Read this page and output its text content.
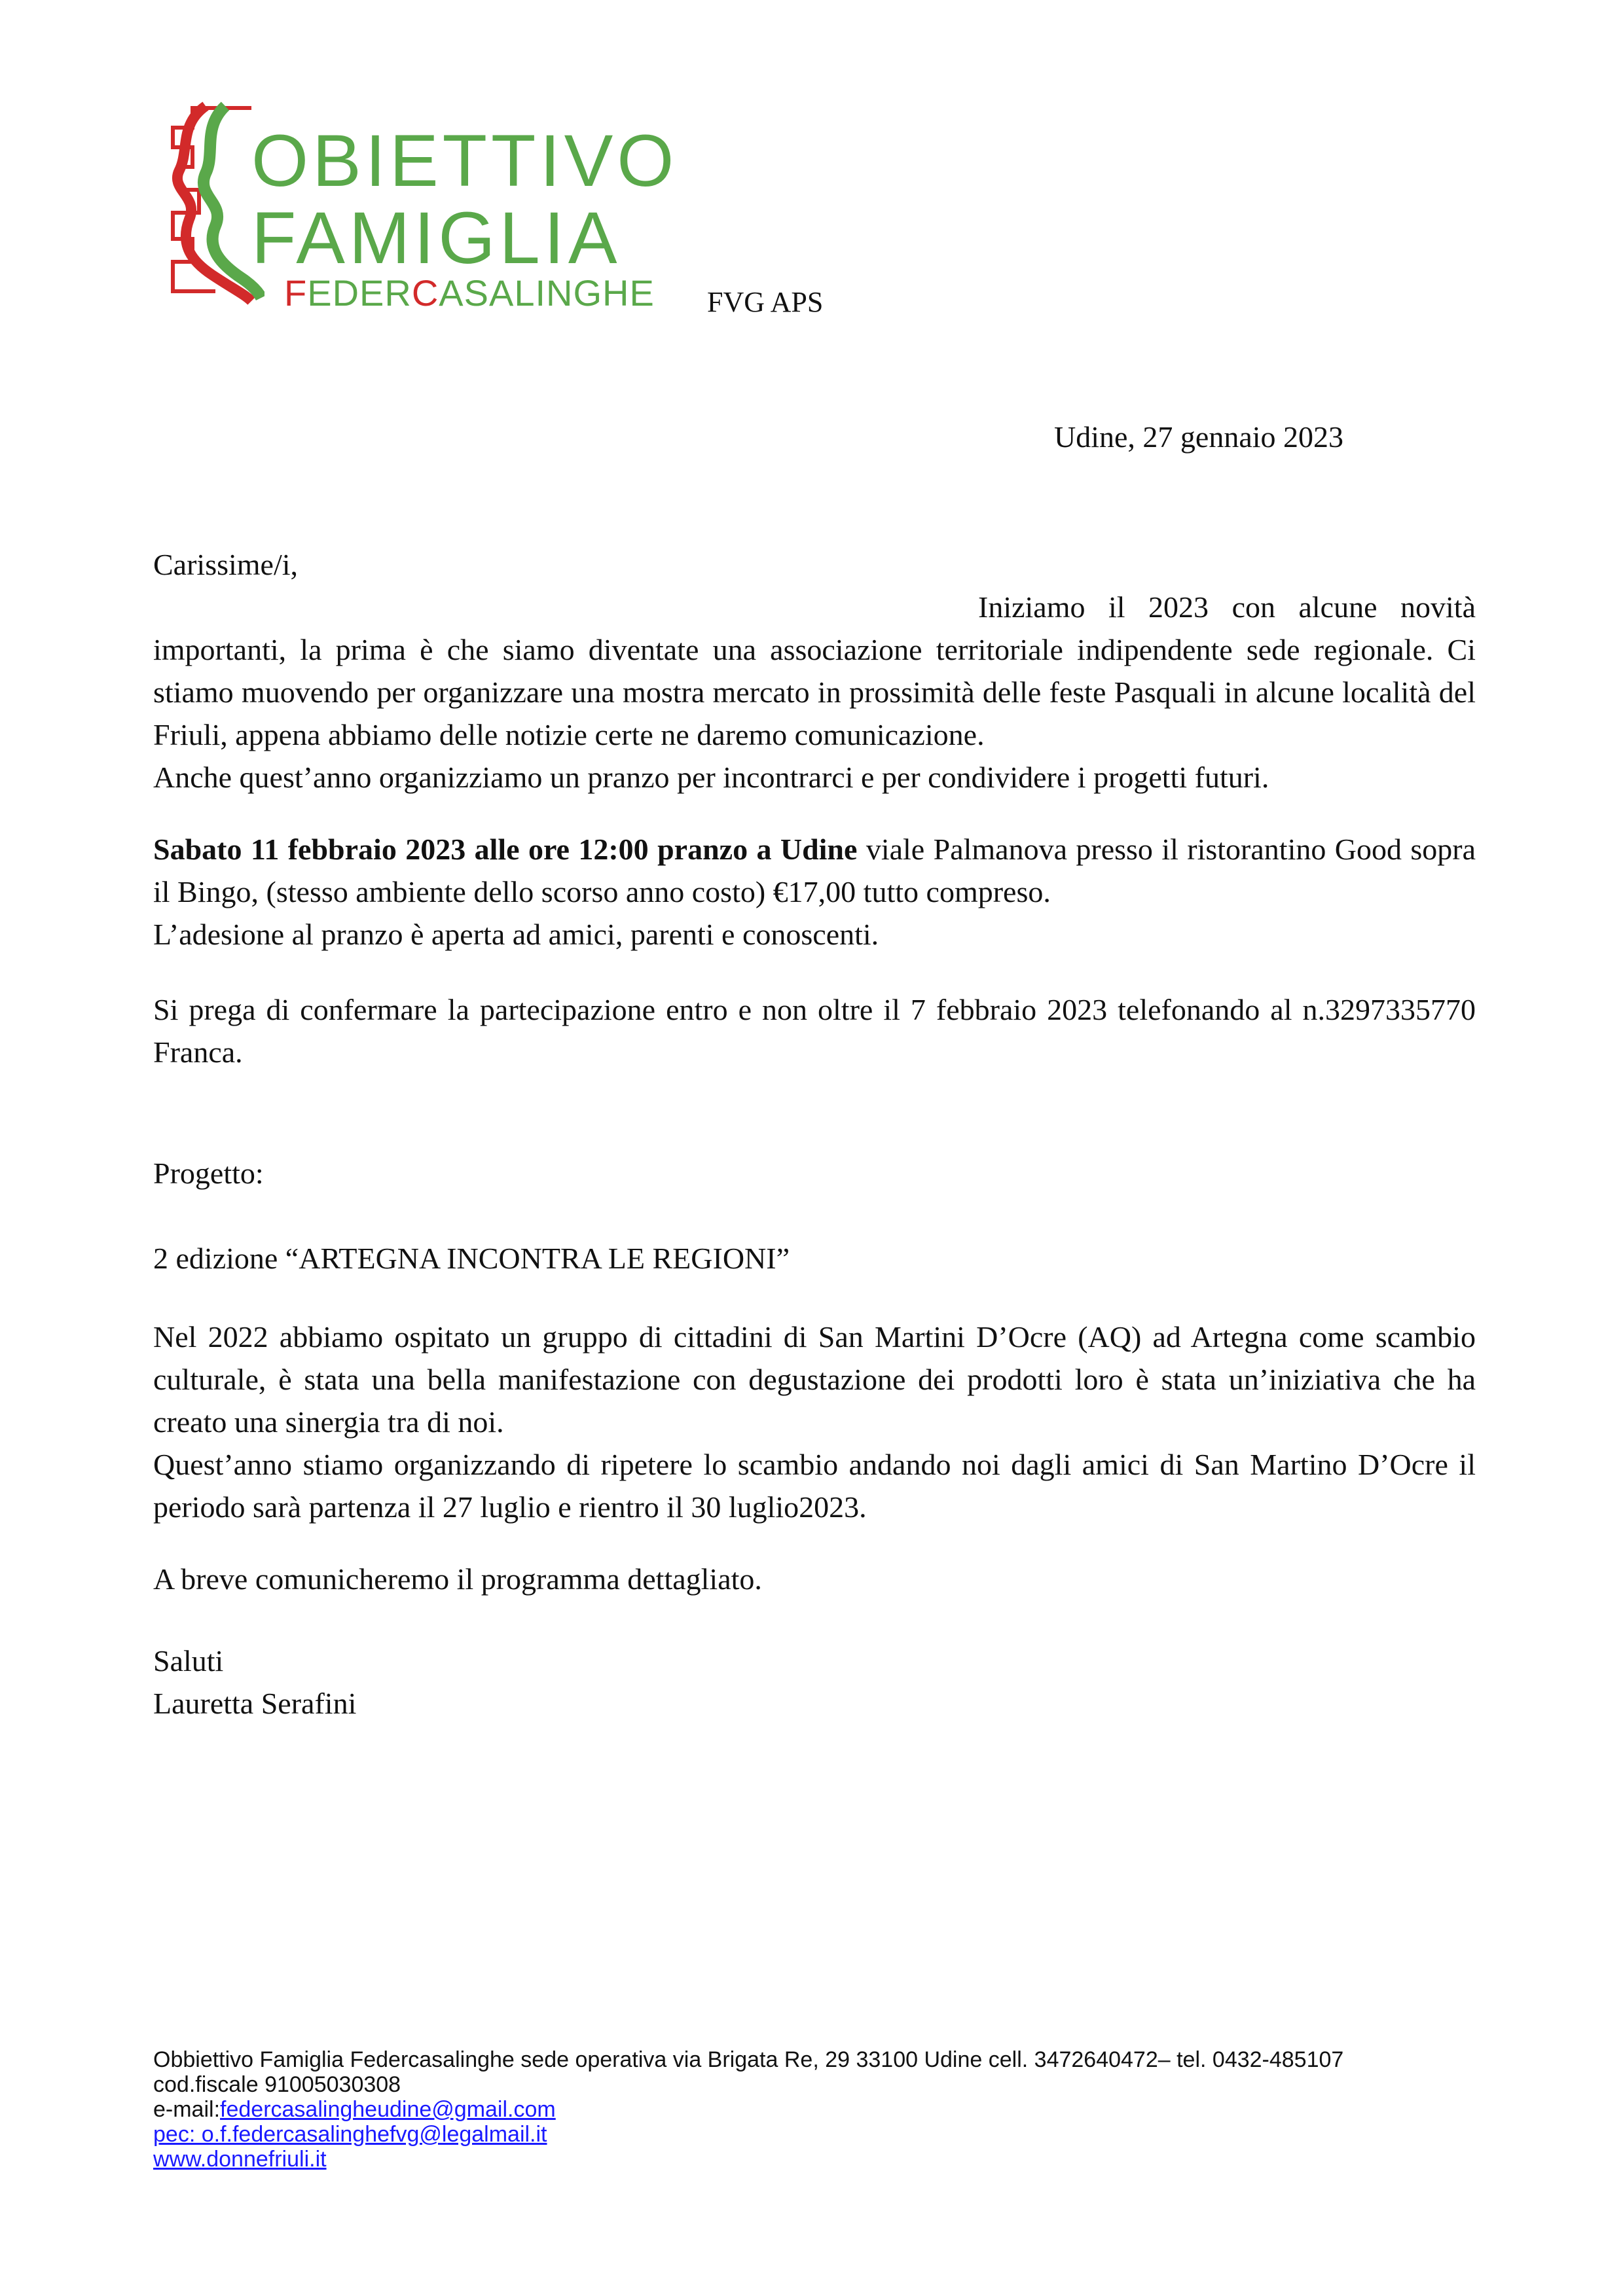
OBIETTIVO
FAMIGLIA
FEDERCASALINGHE FVG APS
Udine, 27 gennaio 2023

Carissime/i,

Iniziamo il 2023 con alcune novità

importanti, la prima è che siamo diventate una associazione territoriale indipendente sede regionale. Ci stiamo muovendo per organizzare una mostra mercato in prossimità delle feste Pasquali in alcune località del Friuli, appena abbiamo delle notizie certe ne daremo comunicazione.

Anche quest’anno organizziamo un pranzo per incontrarci e per condividere i progetti futuri.

Sabato 11 febbraio 2023 alle ore 12:00 pranzo a Udine viale Palmanova presso il ristorantino Good sopra il Bingo, (stesso ambiente dello scorso anno costo) €17,00 tutto compreso.

L’adesione al pranzo è aperta ad amici, parenti e conoscenti.

Si prega di confermare la partecipazione entro e non oltre il 7 febbraio 2023 telefonando al n.3297335770 Franca.

Progetto:

2 edizione “ARTEGNA INCONTRA LE REGIONI”

Nel 2022 abbiamo ospitato un gruppo di cittadini di San Martini D’Ocre (AQ) ad Artegna come scambio culturale, è stata una bella manifestazione con degustazione dei prodotti loro è stata un’iniziativa che ha creato una sinergia tra di noi.

Quest’anno stiamo organizzando di ripetere lo scambio andando noi dagli amici di San Martino D’Ocre il periodo sarà partenza il 27 luglio e rientro il 30 luglio2023.

A breve comunicheremo il programma dettagliato.

Saluti

Lauretta Serafini

Obbiettivo Famiglia Federcasalinghe sede operativa via Brigata Re, 29 33100 Udine cell. 3472640472– tel. 0432-485107
cod.fiscale 91005030308
e-mail:federcasalingheudine@gmail.com
pec: o.f.federcasalinghefvg@legalmail.it
www.donnefriuli.it
